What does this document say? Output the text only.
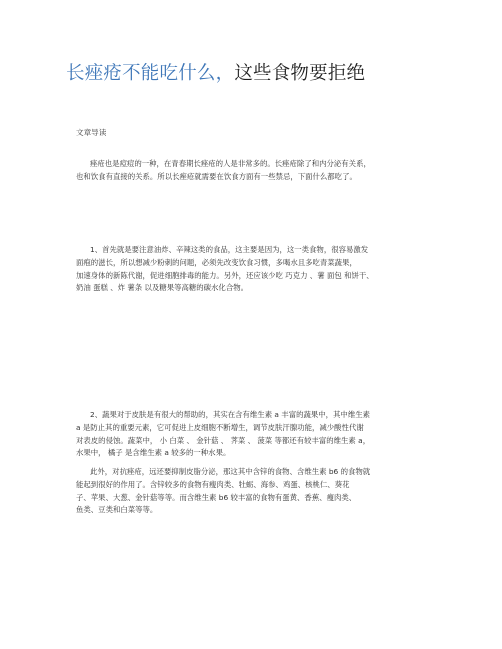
长痤疮不能吃什么，这些食物要拒绝
文章导读
痤疮也是痘痘的一种，在青春期长痤疮的人是非常多的。长痤疮除了和内分泌有关系，
也和饮食有直接的关系。所以长痤疮就需要在饮食方面有一些禁忌，下面什么都吃了。
1、首先就是要注意油炸、辛辣这类的食品，这主要是因为，这一类食物，很容易激发
面疱的滋长，所以想减少粉刺的问题，必须先改变饮食习惯，多喝水且多吃青菜蔬果，
加速身体的新陈代谢，促进细胞排毒的能力。另外，还应该少吃 巧克力 、薯 面包 和饼干、
奶油 蛋糕 、炸 薯条 以及糖果等高糖的碳水化合物。
2、蔬果对于皮肤是有很大的帮助的，其实在含有维生素 a 丰富的蔬果中，其中维生素
a 是防止其的重要元素，它可促进上皮细胞不断增生，调节皮肤汗腺功能，减少酸性代谢
对表皮的侵蚀。蔬菜中， 小 白菜 、 金针菇 、 荠菜 、 菠菜 等都还有较丰富的维生素 a，
水果中， 橘子 是含维生素 a 较多的一种水果。
此外，对抗痤疮，远还要抑制皮脂分泌，那这其中含锌的食物、含维生素 b6 的食物就
能起到很好的作用了。含锌较多的食物有瘦肉类、牡蛎、海参、鸡蛋、核桃仁、葵花
子、苹果、大葱、金针菇等等。而含维生素 b6 较丰富的食物有蛋黄、香蕉、瘦肉类、
鱼类、豆类和白菜等等。
